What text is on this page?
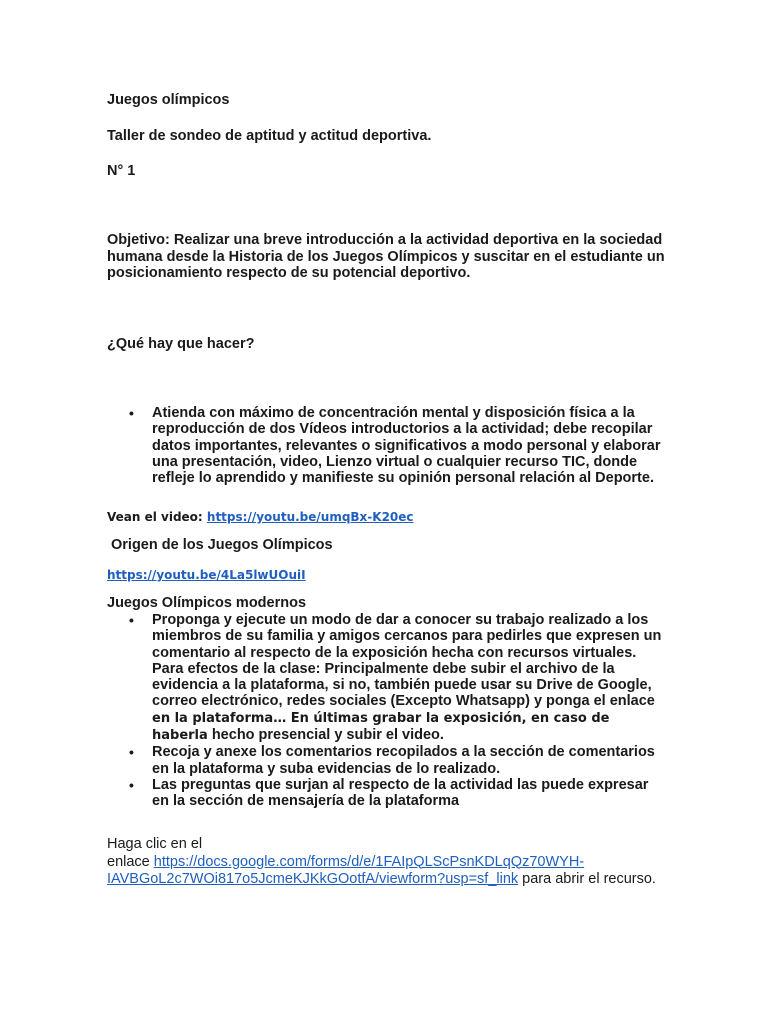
Juegos olímpicos
Taller de sondeo de aptitud y actitud deportiva.
N° 1
Objetivo: Realizar una breve introducción a la actividad deportiva en la sociedad humana desde la Historia de los Juegos Olímpicos y suscitar en el estudiante un posicionamiento respecto de su potencial deportivo.
¿Qué hay que hacer?
• Atienda con máximo de concentración mental y disposición física a la reproducción de dos Vídeos introductorios a la actividad; debe recopilar datos importantes, relevantes o significativos a modo personal y elaborar una presentación, video, Lienzo virtual o cualquier recurso TIC, donde refleje lo aprendido y manifieste su opinión personal relación al Deporte.
Vean el video: https://youtu.be/umqBx-K20ec
Origen de los Juegos Olímpicos
https://youtu.be/4La5lwUOuiI
Juegos Olímpicos modernos
• Proponga y ejecute un modo de dar a conocer su trabajo realizado a los miembros de su familia y amigos cercanos para pedirles que expresen un comentario al respecto de la exposición hecha con recursos virtuales. Para efectos de la clase: Principalmente debe subir el archivo de la evidencia a la plataforma, si no, también puede usar su Drive de Google, correo electrónico, redes sociales (Excepto Whatsapp) y ponga el enlace en la plataforma… En últimas grabar la exposición, en caso de haberla hecho presencial y subir el video.
• Recoja y anexe los comentarios recopilados a la sección de comentarios en la plataforma y suba evidencias de lo realizado.
• Las preguntas que surjan al respecto de la actividad las puede expresar en la sección de mensajería de la plataforma
Haga clic en el
enlace https://docs.google.com/forms/d/e/1FAIpQLScPsnKDLqQz70WYH-
IAVBGoL2c7WOi817o5JcmeKJKkGOotfA/viewform?usp=sf_link para abrir el recurso.
